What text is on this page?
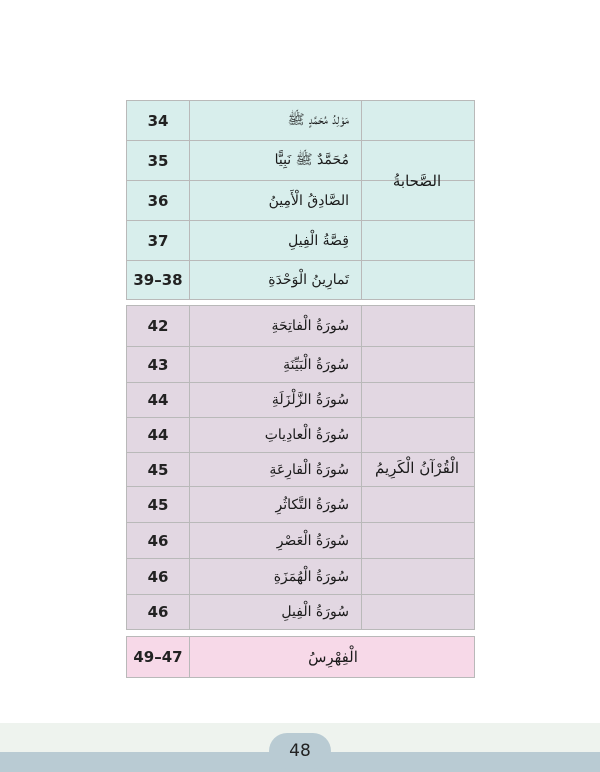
34	مَوْلِدُ مُحَمَّدٍ ﷺ
35	مُحَمَّدٌ ﷺ نَبِيًّا
36	الصَّادِقُ الْأَمِينُ
37	قِصَّةُ الْفِيلِ
39–38	تَمارِينُ الْوَحْدَةِ
الصَّحابةُ
42	سُورَةُ الْفاتِحَةِ
43	سُورَةُ الْبَيِّنَةِ
44	سُورَةُ الزَّلْزَلَةِ
44	سُورَةُ الْعادِياتِ
45	سُورَةُ الْقارِعَةِ
45	سُورَةُ التَّكاثُرِ
46	سُورَةُ الْعَصْرِ
46	سُورَةُ الْهُمَزَةِ
46	سُورَةُ الْفِيلِ
الْقُرْآنُ الْكَرِيمُ
49–47	الْفِهْرِسُ
48
